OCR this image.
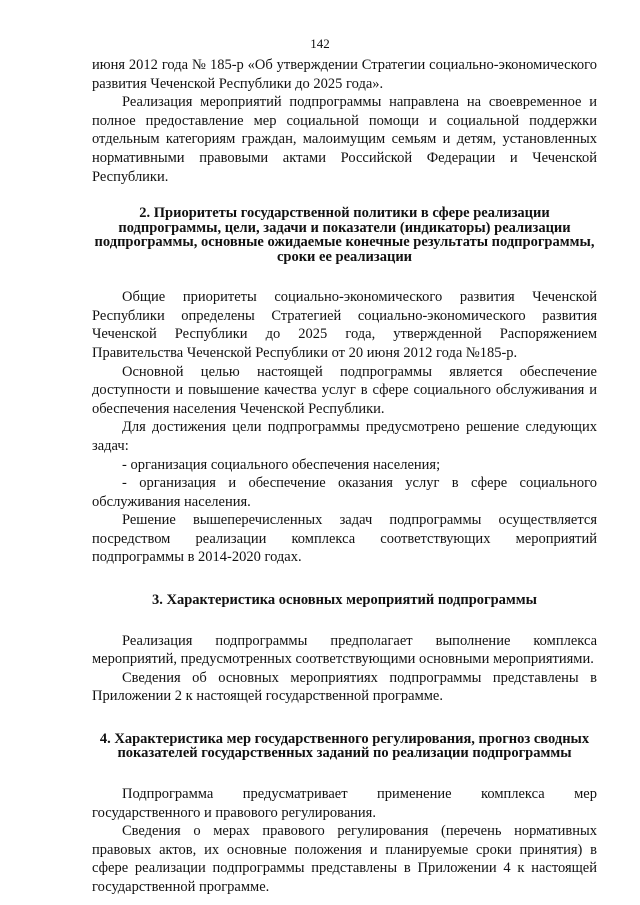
142

июня 2012 года № 185-р «Об утверждении Стратегии социально-экономического развития Чеченской Республики до 2025 года».

Реализация мероприятий подпрограммы направлена на своевременное и полное предоставление мер социальной помощи и социальной поддержки отдельным категориям граждан, малоимущим семьям и детям, установленных нормативными правовыми актами Российской Федерации и Чеченской Республики.

2. Приоритеты государственной политики в сфере реализации подпрограммы, цели, задачи и показатели (индикаторы) реализации подпрограммы, основные ожидаемые конечные результаты подпрограммы, сроки ее реализации

Общие приоритеты социально-экономического развития Чеченской Республики определены Стратегией социально-экономического развития Чеченской Республики до 2025 года, утвержденной Распоряжением Правительства Чеченской Республики от 20 июня 2012 года №185-р.

Основной целью настоящей подпрограммы является обеспечение доступности и повышение качества услуг в сфере социального обслуживания и обеспечения населения Чеченской Республики.

Для достижения цели подпрограммы предусмотрено решение следующих задач:

- организация социального обеспечения населения;

- организация и обеспечение оказания услуг в сфере социального обслуживания населения.

Решение вышеперечисленных задач подпрограммы осуществляется посредством реализации комплекса соответствующих мероприятий подпрограммы в 2014-2020 годах.

3. Характеристика основных мероприятий подпрограммы

Реализация подпрограммы предполагает выполнение комплекса мероприятий, предусмотренных соответствующими основными мероприятиями.

Сведения об основных мероприятиях подпрограммы представлены в Приложении 2 к настоящей государственной программе.

4. Характеристика мер государственного регулирования, прогноз сводных показателей государственных заданий по реализации подпрограммы

Подпрограмма предусматривает применение комплекса мер государственного и правового регулирования.

Сведения о мерах правового регулирования (перечень нормативных правовых актов, их основные положения и планируемые сроки принятия) в сфере реализации подпрограммы представлены в Приложении 4 к настоящей государственной программе.
